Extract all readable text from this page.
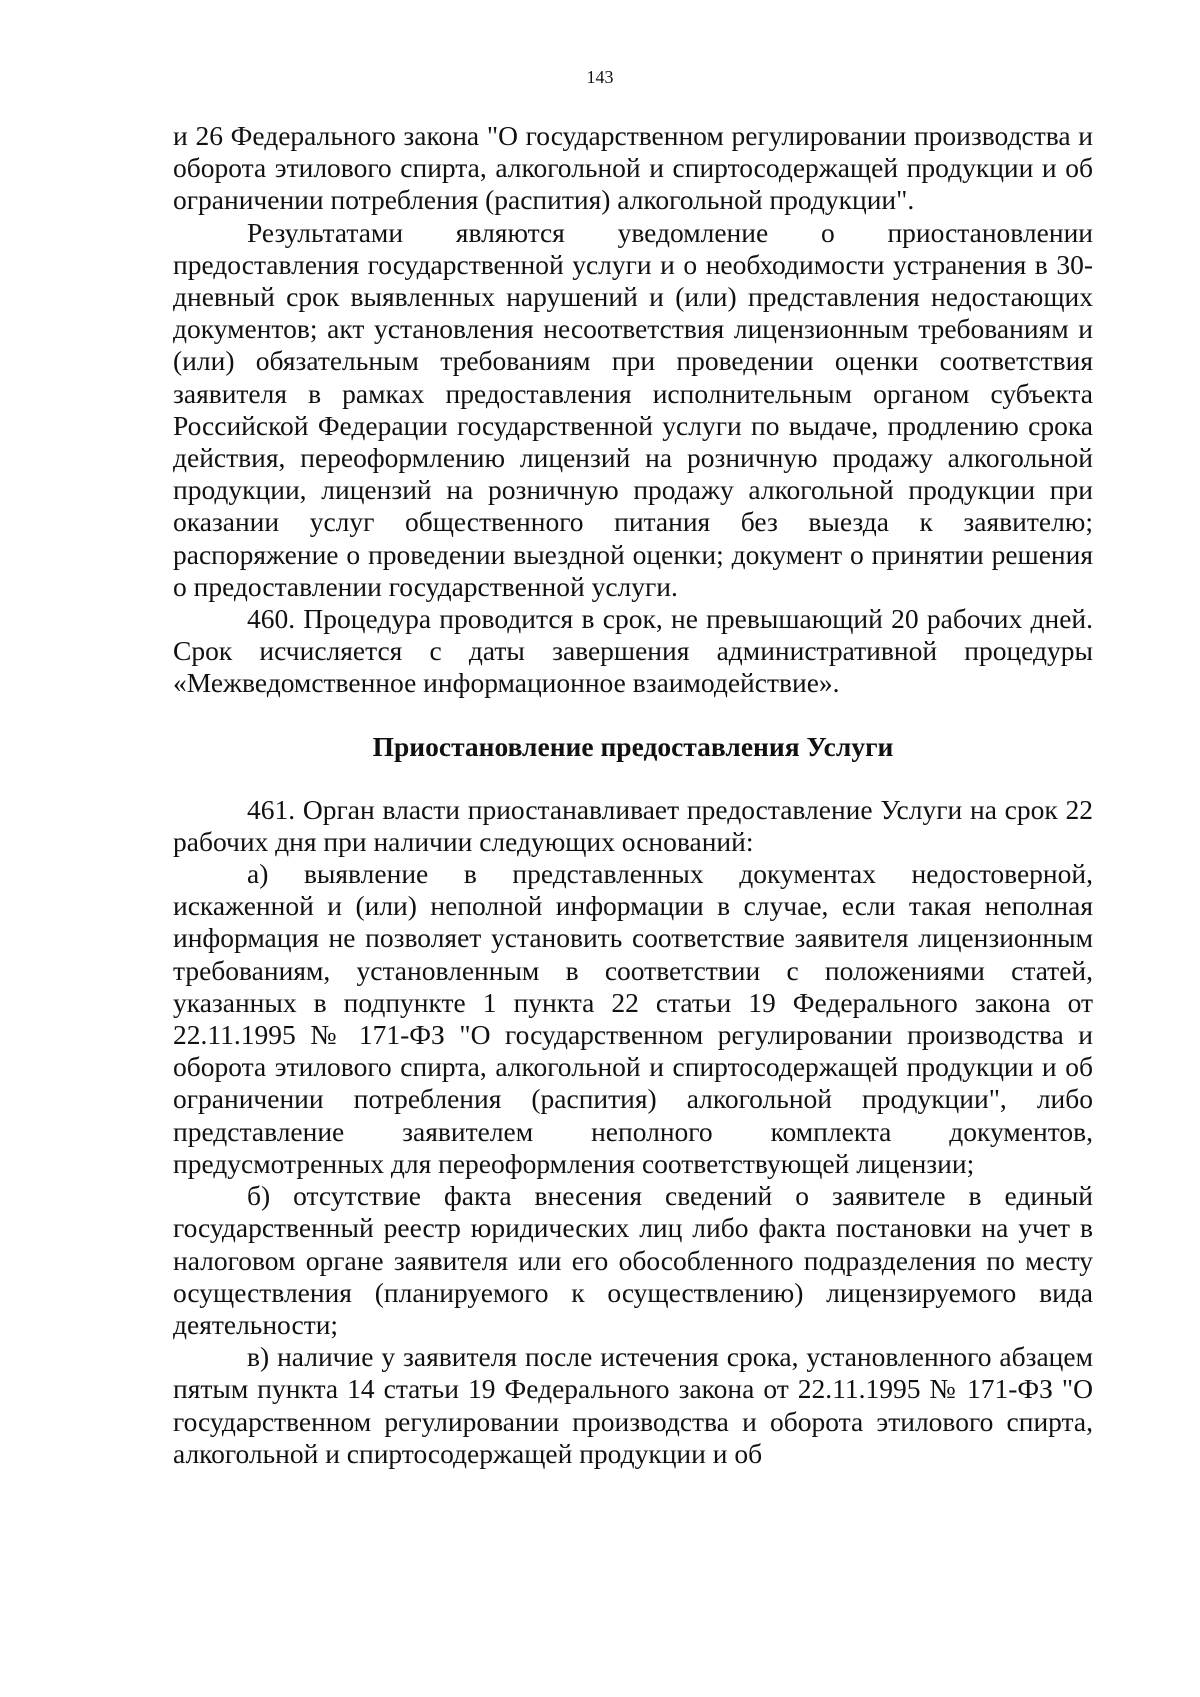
143

и 26 Федерального закона "О государственном регулировании производства и оборота этилового спирта, алкогольной и спиртосодержащей продукции и об ограничении потребления (распития) алкогольной продукции".

Результатами являются уведомление о приостановлении предоставления государственной услуги и о необходимости устранения в 30-дневный срок выявленных нарушений и (или) представления недостающих документов; акт установления несоответствия лицензионным требованиям и (или) обязательным требованиям при проведении оценки соответствия заявителя в рамках предоставления исполнительным органом субъекта Российской Федерации государственной услуги по выдаче, продлению срока действия, переоформлению лицензий на розничную продажу алкогольной продукции, лицензий на розничную продажу алкогольной продукции при оказании услуг общественного питания без выезда к заявителю; распоряжение о проведении выездной оценки; документ о принятии решения о предоставлении государственной услуги.

460. Процедура проводится в срок, не превышающий 20 рабочих дней. Срок исчисляется с даты завершения административной процедуры «Межведомственное информационное взаимодействие».

Приостановление предоставления Услуги

461. Орган власти приостанавливает предоставление Услуги на срок 22 рабочих дня при наличии следующих оснований:

а) выявление в представленных документах недостоверной, искаженной и (или) неполной информации в случае, если такая неполная информация не позволяет установить соответствие заявителя лицензионным требованиям, установленным в соответствии с положениями статей, указанных в подпункте 1 пункта 22 статьи 19 Федерального закона от 22.11.1995 № 171-ФЗ "О государственном регулировании производства и оборота этилового спирта, алкогольной и спиртосодержащей продукции и об ограничении потребления (распития) алкогольной продукции", либо представление заявителем неполного комплекта документов, предусмотренных для переоформления соответствующей лицензии;

б) отсутствие факта внесения сведений о заявителе в единый государственный реестр юридических лиц либо факта постановки на учет в налоговом органе заявителя или его обособленного подразделения по месту осуществления (планируемого к осуществлению) лицензируемого вида деятельности;

в) наличие у заявителя после истечения срока, установленного абзацем пятым пункта 14 статьи 19 Федерального закона от 22.11.1995 № 171-ФЗ "О государственном регулировании производства и оборота этилового спирта, алкогольной и спиртосодержащей продукции и об
